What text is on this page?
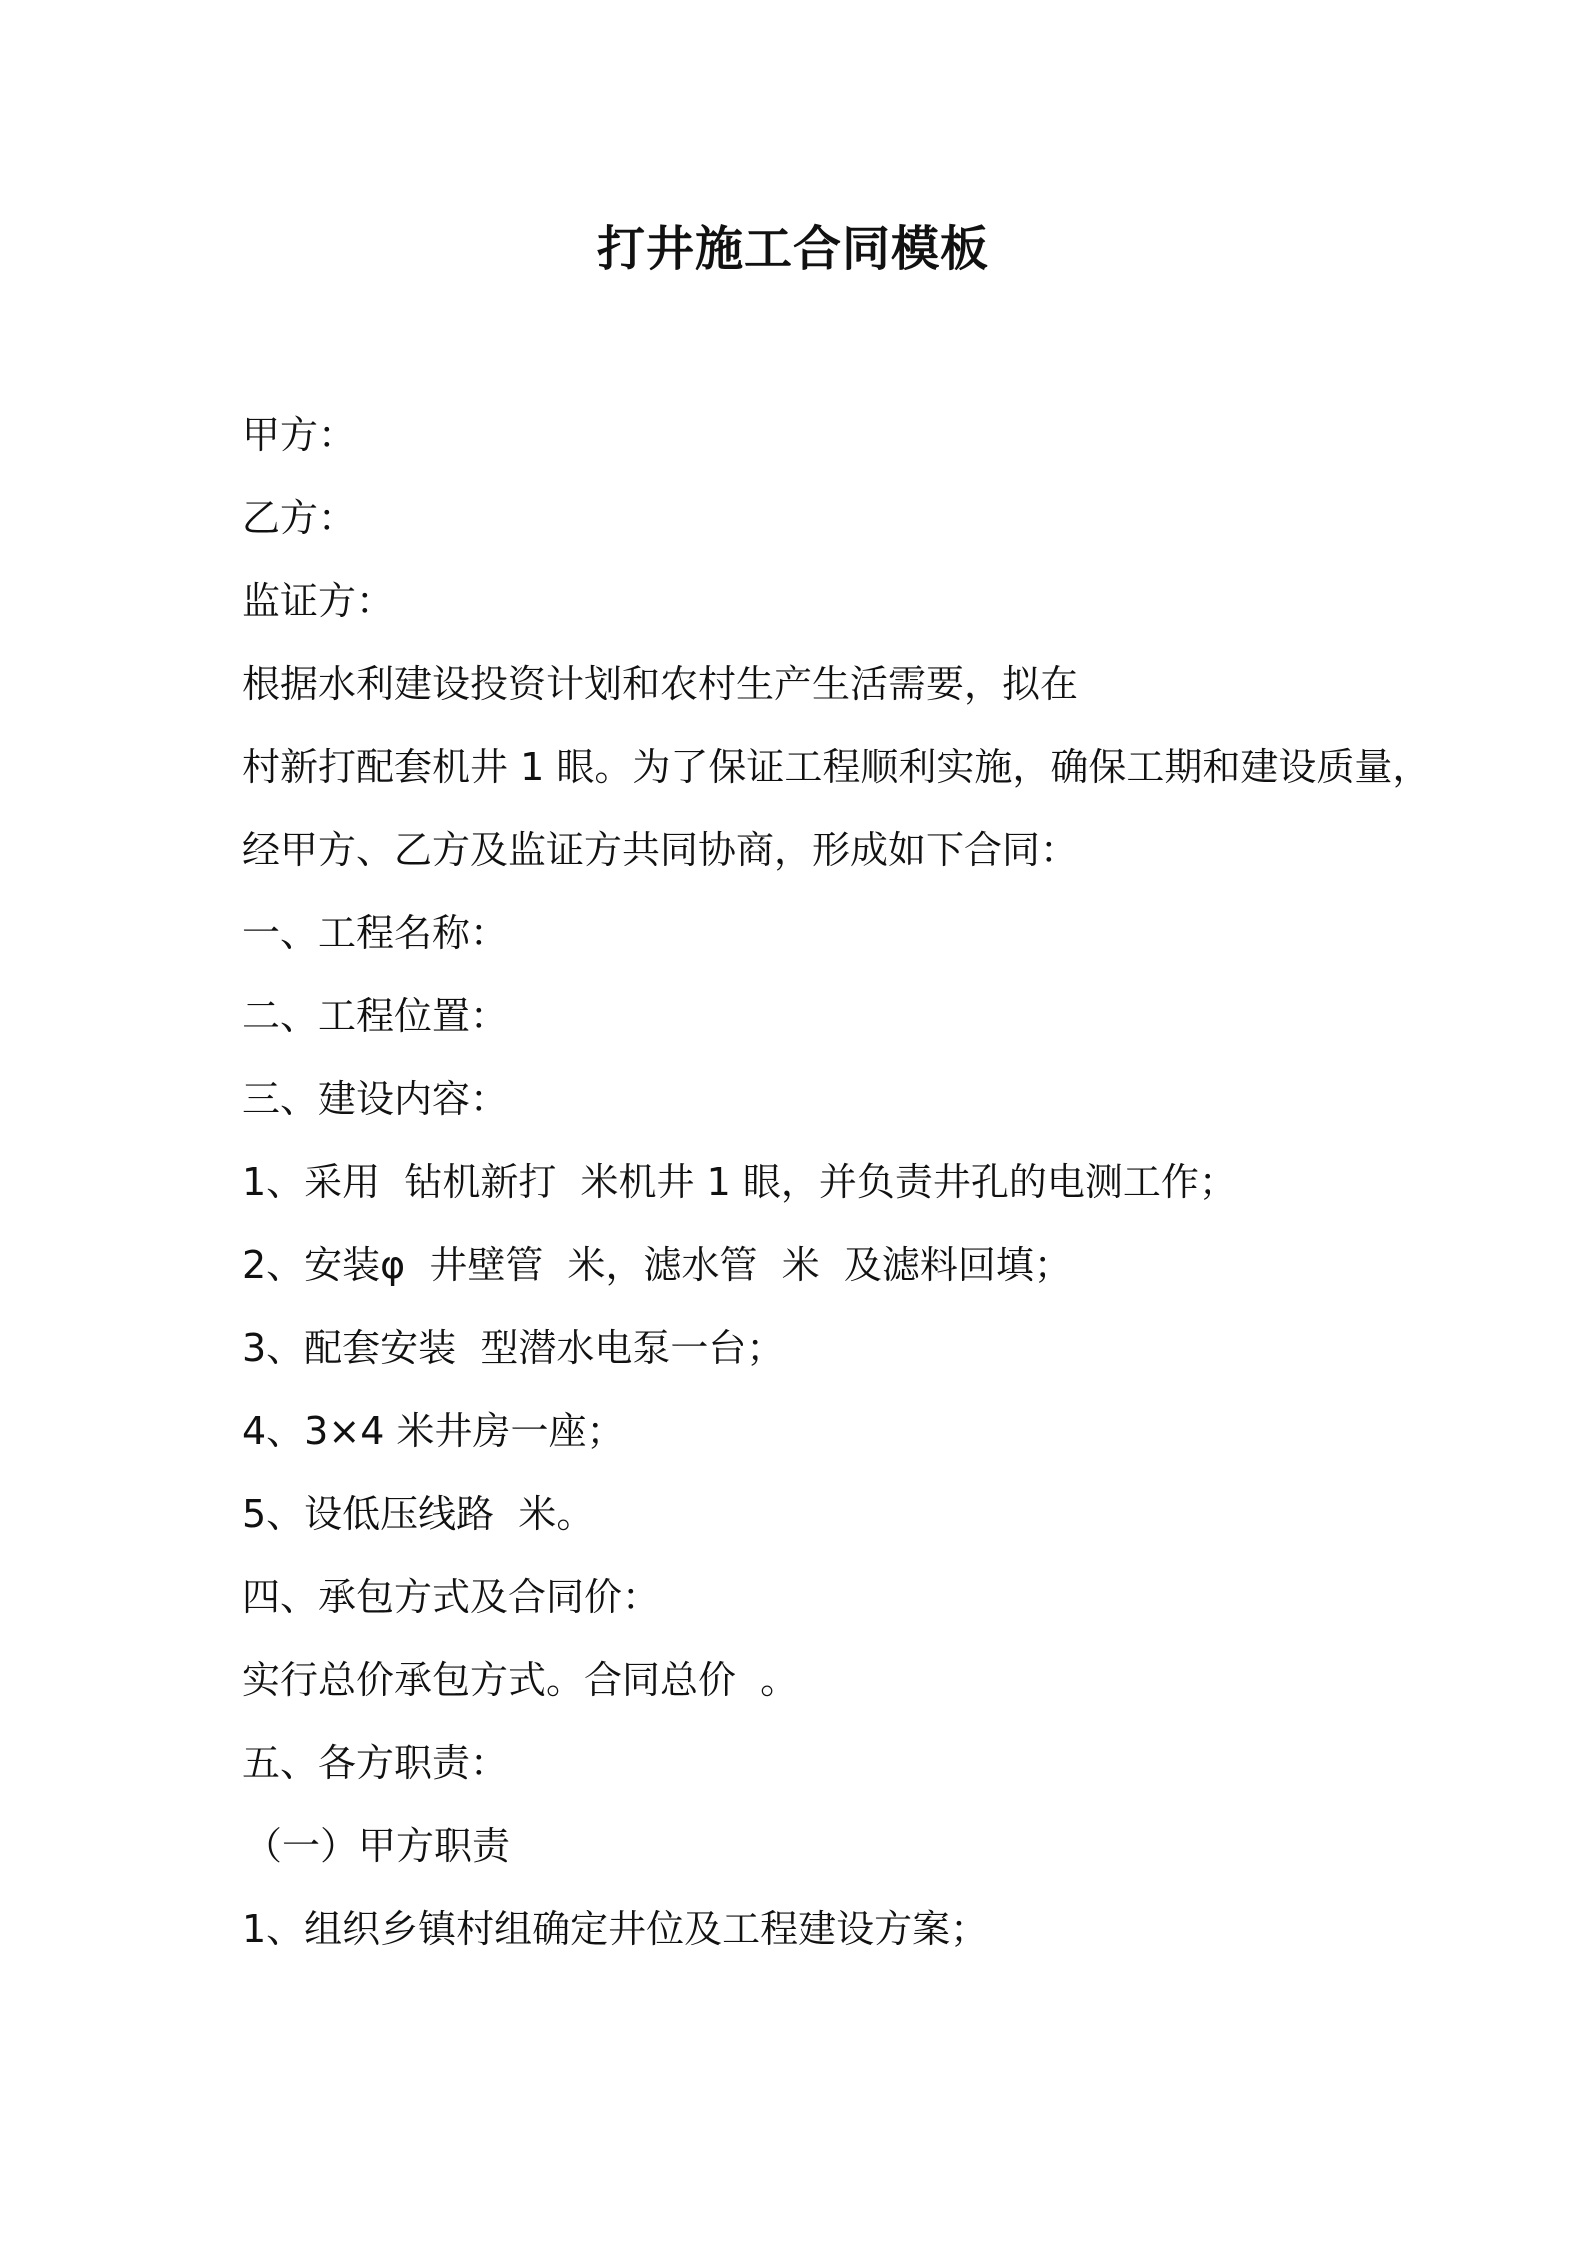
打井施工合同模板
甲方：
乙方：
监证方：
根据水利建设投资计划和农村生产生活需要，拟在
村新打配套机井 1 眼。为了保证工程顺利实施，确保工期和建设质量，
经甲方、乙方及监证方共同协商，形成如下合同：
一、工程名称：
二、工程位置：
三、建设内容：
1、采用  钻机新打  米机井 1 眼，并负责井孔的电测工作；
2、安装φ  井壁管  米，滤水管  米  及滤料回填；
3、配套安装  型潜水电泵一台；
4、3×4 米井房一座；
5、设低压线路  米。
四、承包方式及合同价：
实行总价承包方式。合同总价  。
五、各方职责：
（一）甲方职责
1、组织乡镇村组确定井位及工程建设方案；
